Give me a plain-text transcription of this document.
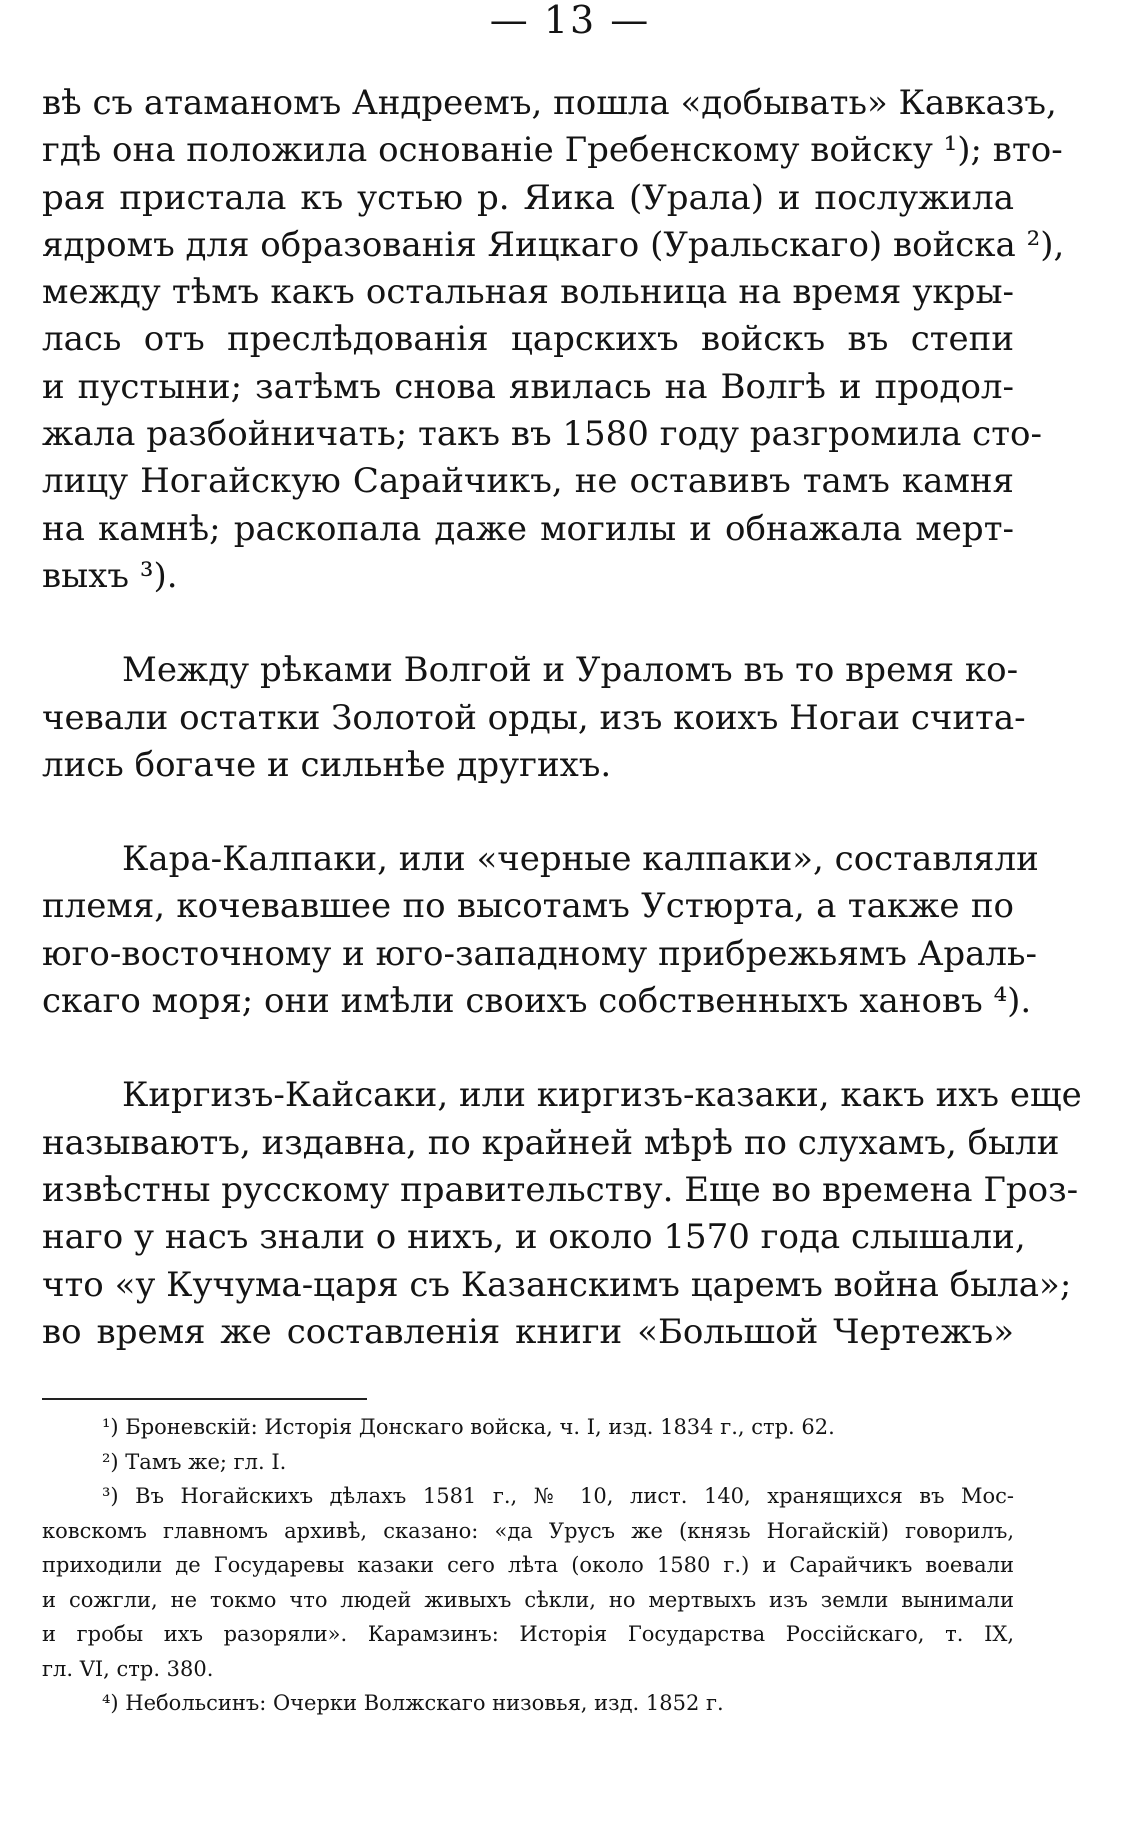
— 13 —
вѣ съ атаманомъ Андреемъ, пошла «добывать» Кавказъ,
гдѣ она положила основаніе Гребенскому войску ¹); вто-
рая пристала къ устью р. Яика (Урала) и послужила
ядромъ для образованія Яицкаго (Уральскаго) войска ²),
между тѣмъ какъ остальная вольница на время укры-
лась отъ преслѣдованія царскихъ войскъ въ степи
и пустыни; затѣмъ снова явилась на Волгѣ и продол-
жала разбойничать; такъ въ 1580 году разгромила сто-
лицу Ногайскую Сарайчикъ, не оставивъ тамъ камня
на камнѣ; раскопала даже могилы и обнажала мерт-
выхъ ³).
Между рѣками Волгой и Ураломъ въ то время ко-
чевали остатки Золотой орды, изъ коихъ Ногаи считa-
лись богаче и сильнѣе другихъ.
Кара-Калпаки, или «черные калпаки», составляли
племя, кочевавшее по высотамъ Устюрта, а также по
юго-восточному и юго-западному прибрежьямъ Араль-
скаго моря; они имѣли своихъ собственныхъ хановъ ⁴).
Киргизъ-Кайсаки, или киргизъ-казаки, какъ ихъ еще
называютъ, издавна, по крайней мѣрѣ по слухамъ, были
извѣстны русскому правительству. Еще во времена Гроз-
наго у насъ знали о нихъ, и около 1570 года слышали,
что «у Кучума-царя съ Казанскимъ царемъ война была»;
во время же составленія книги «Большой Чертежъ»
¹) Броневскій: Исторія Донскаго войска, ч. I, изд. 1834 г., стр. 62.
²) Тамъ же; гл. I.
³) Въ Ногайскихъ дѣлахъ 1581 г., № 10, лист. 140, хранящихся въ Мос-
ковскомъ главномъ архивѣ, сказано: «да Урусъ же (князь Ногайскій) говорилъ,
приходили де Государевы казаки сего лѣта (около 1580 г.) и Сарайчикъ воевали
и сожгли, не токмо что людей живыхъ сѣкли, но мертвыхъ изъ земли вынимали
и гробы ихъ разоряли». Карамзинъ: Исторія Государства Россійскаго, т. IX,
гл. VI, стр. 380.
⁴) Небольсинъ: Очерки Волжскаго низовья, изд. 1852 г.
